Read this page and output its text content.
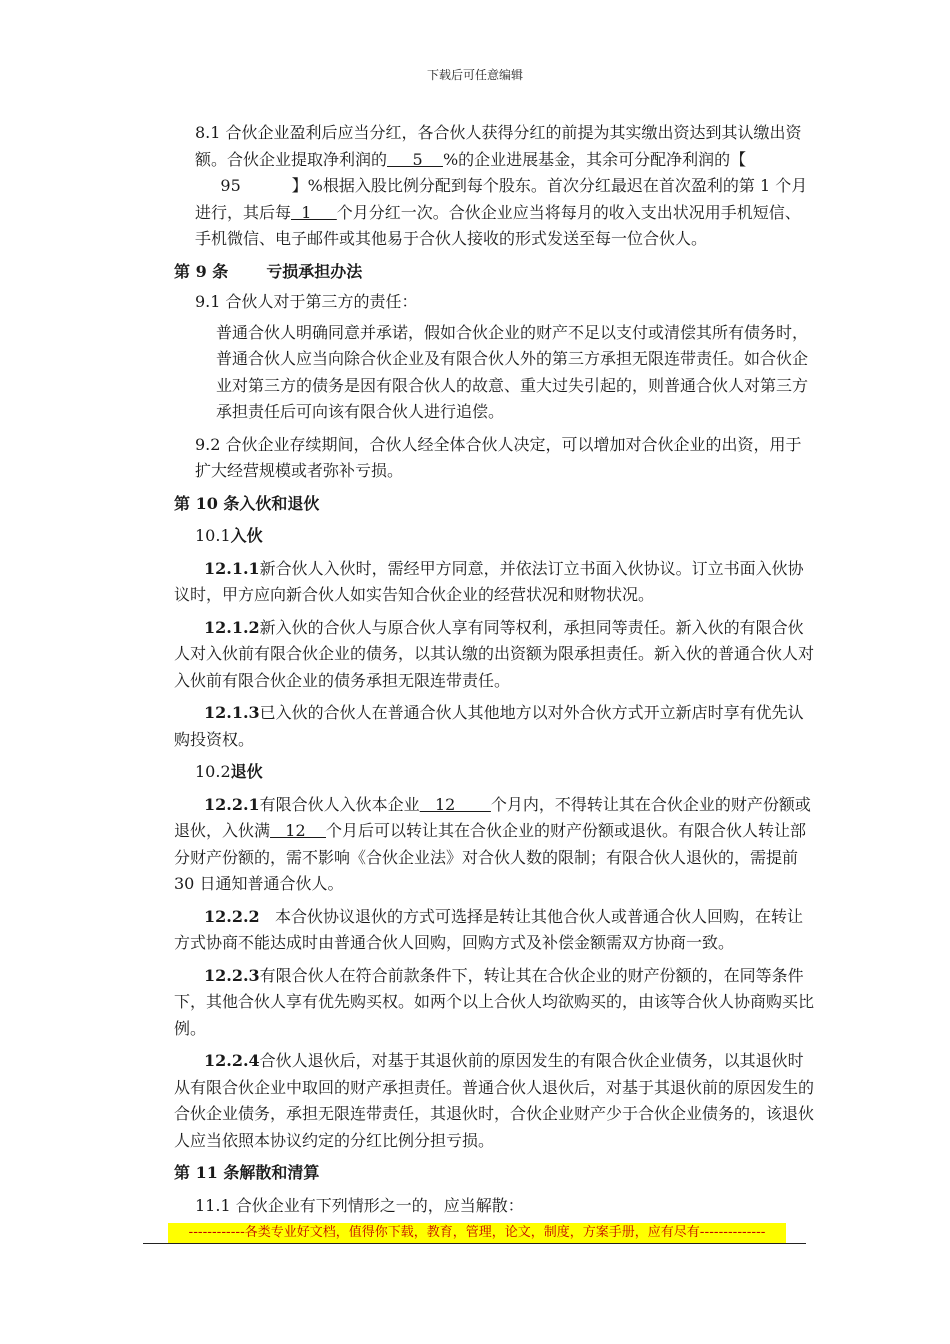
下载后可任意编辑

8.1 合伙企业盈利后应当分红，各合伙人获得分红的前提为其实缴出资达到其认缴出资额。合伙企业提取净利润的     5    %的企业进展基金，其余可分配净利润的【     95          】%根据入股比例分配到每个股东。首次分红最迟在首次盈利的第 1 个月进行，其后每  1     个月分红一次。合伙企业应当将每月的收入支出状况用手机短信、手机微信、电子邮件或其他易于合伙人接收的形式发送至每一位合伙人。

第 9 条 亏损承担办法

9.1 合伙人对于第三方的责任：

普通合伙人明确同意并承诺，假如合伙企业的财产不足以支付或清偿其所有债务时，普通合伙人应当向除合伙企业及有限合伙人外的第三方承担无限连带责任。如合伙企业对第三方的债务是因有限合伙人的故意、重大过失引起的，则普通合伙人对第三方承担责任后可向该有限合伙人进行追偿。

9.2 合伙企业存续期间，合伙人经全体合伙人决定，可以增加对合伙企业的出资，用于扩大经营规模或者弥补亏损。

第 10 条入伙和退伙
10.1入伙

12.1.1新合伙人入伙时，需经甲方同意，并依法订立书面入伙协议。订立书面入伙协议时，甲方应向新合伙人如实告知合伙企业的经营状况和财物状况。

12.1.2新入伙的合伙人与原合伙人享有同等权利，承担同等责任。新入伙的有限合伙人对入伙前有限合伙企业的债务，以其认缴的出资额为限承担责任。新入伙的普通合伙人对入伙前有限合伙企业的债务承担无限连带责任。

12.1.3已入伙的合伙人在普通合伙人其他地方以对外合伙方式开立新店时享有优先认购投资权。

10.2退伙

12.2.1有限合伙人入伙本企业   12       个月内，不得转让其在合伙企业的财产份额或退伙，入伙满   12    个月后可以转让其在合伙企业的财产份额或退伙。有限合伙人转让部分财产份额的，需不影响《合伙企业法》对合伙人数的限制；有限合伙人退伙的，需提前 30 日通知普通合伙人。

12.2.2 本合伙协议退伙的方式可选择是转让其他合伙人或普通合伙人回购，在转让方式协商不能达成时由普通合伙人回购，回购方式及补偿金额需双方协商一致。

12.2.3有限合伙人在符合前款条件下，转让其在合伙企业的财产份额的，在同等条件下，其他合伙人享有优先购买权。如两个以上合伙人均欲购买的，由该等合伙人协商购买比例。

12.2.4合伙人退伙后，对基于其退伙前的原因发生的有限合伙企业债务，以其退伙时从有限合伙企业中取回的财产承担责任。普通合伙人退伙后，对基于其退伙前的原因发生的合伙企业债务，承担无限连带责任，其退伙时，合伙企业财产少于合伙企业债务的，该退伙人应当依照本协议约定的分红比例分担亏损。

第 11 条解散和清算

11.1 合伙企业有下列情形之一的，应当解散：

------------各类专业好文档，值得你下载，教育，管理，论文，制度，方案手册，应有尽有--------------
